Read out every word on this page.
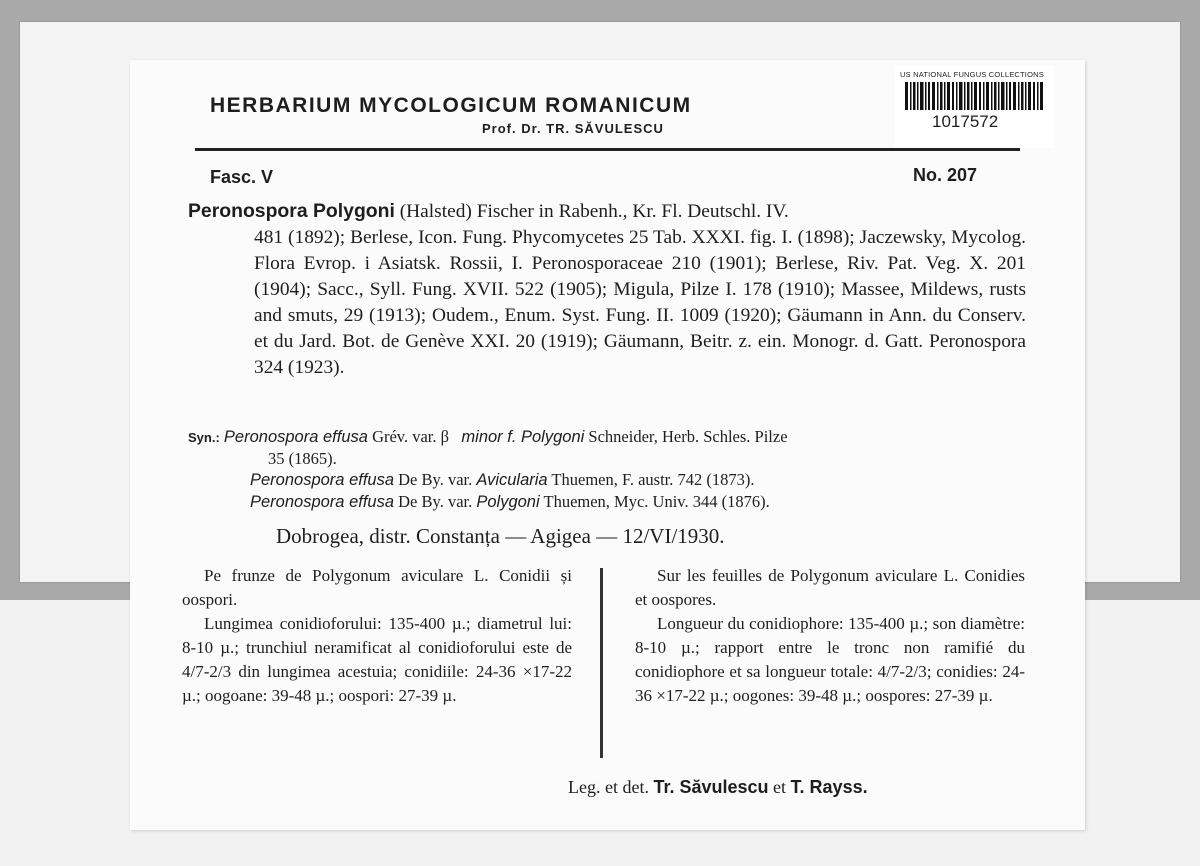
HERBARIUM MYCOLOGICUM ROMANICUM
Prof. Dr. TR. SĂVULESCU
US NATIONAL FUNGUS COLLECTIONS
1017572
Fasc. V	No. 207
Peronospora Polygoni (Halsted) Fischer in Rabenh., Kr. Fl. Deutschl. IV.
481 (1892); Berlese, Icon. Fung. Phycomycetes 25 Tab. XXXI. fig. I. (1898); Jaczewsky, Mycolog. Flora Evrop. i Asiatsk. Rossii, I. Peronosporaceae 210 (1901); Berlese, Riv. Pat. Veg. X. 201 (1904); Sacc., Syll. Fung. XVII. 522 (1905); Migula, Pilze I. 178 (1910); Massee, Mildews, rusts and smuts, 29 (1913); Oudem., Enum. Syst. Fung. II. 1009 (1920); Gäumann in Ann. du Conserv. et du Jard. Bot. de Genève XXI. 20 (1919); Gäumann, Beitr. z. ein. Monogr. d. Gatt. Peronospora 324 (1923).
Syn.: Peronospora effusa Grév. var. β minor f. Polygoni Schneider, Herb. Schles. Pilze
35 (1865).
Peronospora effusa De By. var. Avicularia Thuemen, F. austr. 742 (1873).
Peronospora effusa De By. var. Polygoni Thuemen, Myc. Univ. 344 (1876).
Dobrogea, distr. Constanța — Agigea — 12/VI/1930.
Pe frunze de Polygonum aviculare L. Conidii și oospori.
Lungimea conidioforului: 135-400 µ.; diametrul lui: 8-10 µ.; trunchiul neramificat al conidioforului este de 4/7-2/3 din lungimea acestuia; conidiile: 24-36 ×17-22 µ.; oogoane: 39-48 µ.; oospori: 27-39 µ.
Sur les feuilles de Polygonum aviculare L. Conidies et oospores.
Longueur du conidiophore: 135-400 µ.; son diamètre: 8-10 µ.; rapport entre le tronc non ramifié du conidiophore et sa longueur totale: 4/7-2/3; conidies: 24-36 ×17-22 µ.; oogones: 39-48 µ.; oospores: 27-39 µ.
Leg. et det. Tr. Săvulescu et T. Rayss.
